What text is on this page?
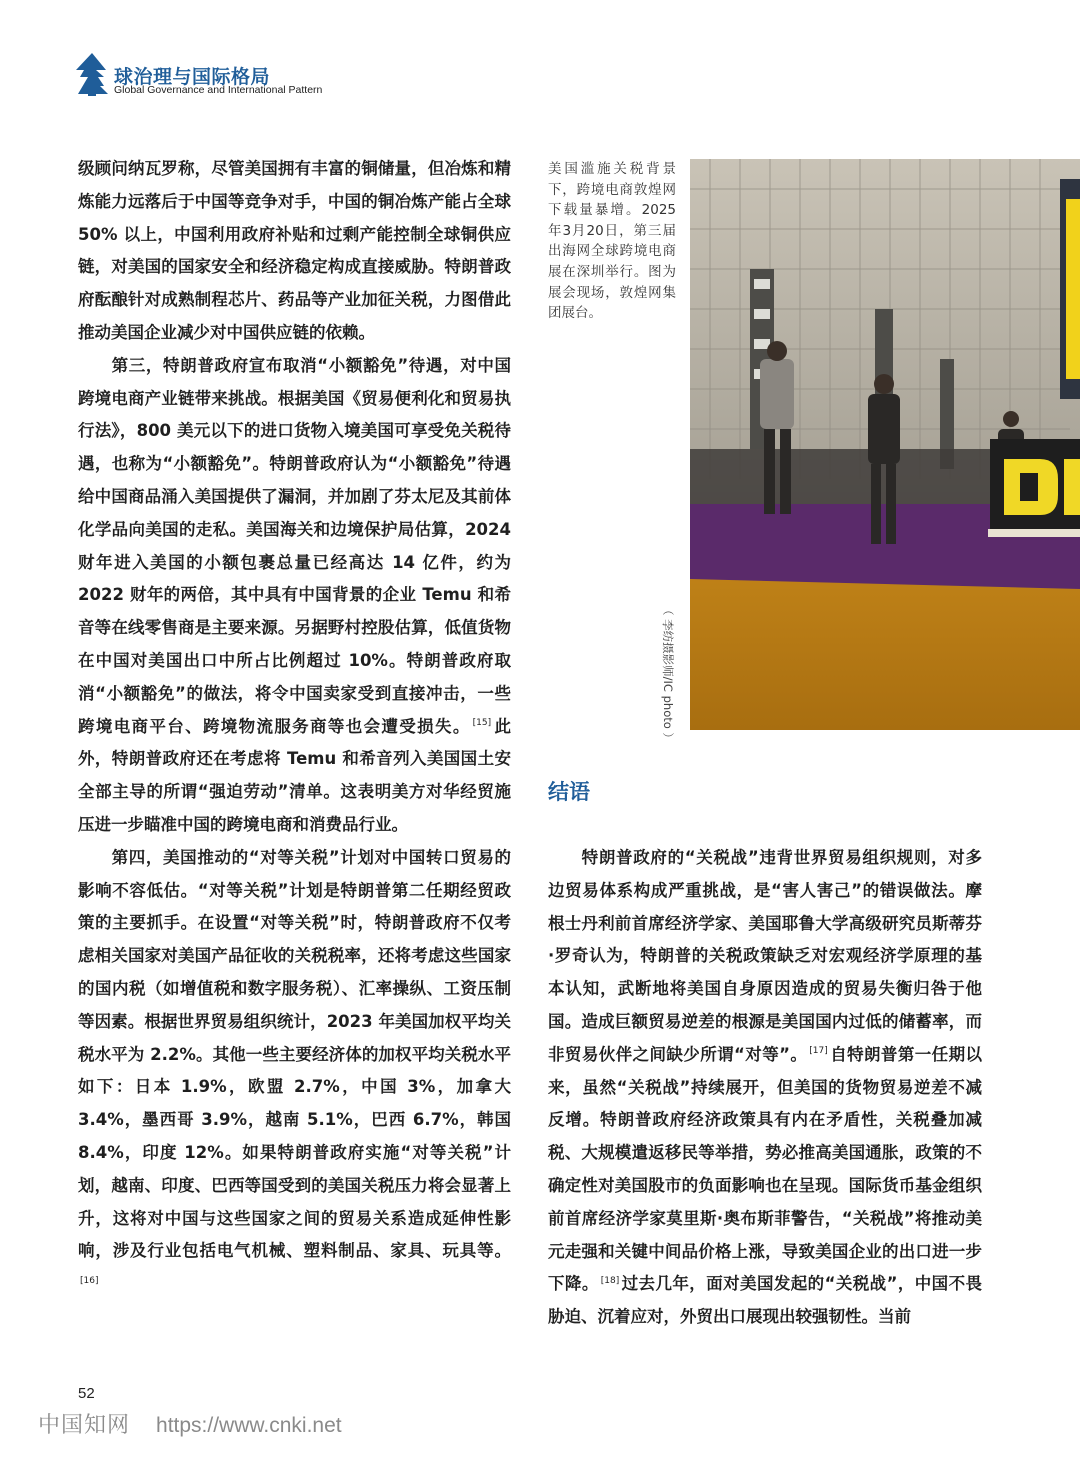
球治理与国际格局
Global Governance and International Pattern

级顾问纳瓦罗称，尽管美国拥有丰富的铜储量，但冶炼和精炼能力远落后于中国等竞争对手，中国的铜冶炼产能占全球 50% 以上，中国利用政府补贴和过剩产能控制全球铜供应链，对美国的国家安全和经济稳定构成直接威胁。特朗普政府酝酿针对成熟制程芯片、药品等产业加征关税，力图借此推动美国企业减少对中国供应链的依赖。

第三，特朗普政府宣布取消“小额豁免”待遇，对中国跨境电商产业链带来挑战。根据美国《贸易便利化和贸易执行法》，800 美元以下的进口货物入境美国可享受免关税待遇，也称为“小额豁免”。特朗普政府认为“小额豁免”待遇给中国商品涌入美国提供了漏洞，并加剧了芬太尼及其前体化学品向美国的走私。美国海关和边境保护局估算，2024 财年进入美国的小额包裹总量已经高达 14 亿件，约为 2022 财年的两倍，其中具有中国背景的企业 Temu 和希音等在线零售商是主要来源。另据野村控股估算，低值货物在中国对美国出口中所占比例超过 10%。特朗普政府取消“小额豁免”的做法，将令中国卖家受到直接冲击，一些跨境电商平台、跨境物流服务商等也会遭受损失。 [15] 此外，特朗普政府还在考虑将 Temu 和希音列入美国国土安全部主导的所谓“强迫劳动”清单。这表明美方对华经贸施压进一步瞄准中国的跨境电商和消费品行业。

第四，美国推动的“对等关税”计划对中国转口贸易的影响不容低估。“对等关税”计划是特朗普第二任期经贸政策的主要抓手。在设置“对等关税”时，特朗普政府不仅考虑相关国家对美国产品征收的关税税率，还将考虑这些国家的国内税（如增值税和数字服务税）、汇率操纵、工资压制等因素。根据世界贸易组织统计，2023 年美国加权平均关税水平为 2.2%。其他一些主要经济体的加权平均关税水平如下：日本 1.9%，欧盟 2.7%，中国 3%，加拿大 3.4%，墨西哥 3.9%，越南 5.1%，巴西 6.7%，韩国 8.4%，印度 12%。如果特朗普政府实施“对等关税”计划，越南、印度、巴西等国受到的美国关税压力将会显著上升，这将对中国与这些国家之间的贸易关系造成延伸性影响，涉及行业包括电气机械、塑料制品、家具、玩具等。[16]

美国滥施关税背景下，跨境电商敦煌网下载量暴增。2025年3月20日，第三届出海网全球跨境电商展在深圳举行。图为展会现场，敦煌网集团展台。
（ 李纺摄影师/IC photo ）
结语

特朗普政府的“关税战”违背世界贸易组织规则，对多边贸易体系构成严重挑战，是“害人害己”的错误做法。摩根士丹利前首席经济学家、美国耶鲁大学高级研究员斯蒂芬·罗奇认为，特朗普的关税政策缺乏对宏观经济学原理的基本认知，武断地将美国自身原因造成的贸易失衡归咎于他国。造成巨额贸易逆差的根源是美国国内过低的储蓄率，而非贸易伙伴之间缺少所谓“对等”。 [17] 自特朗普第一任期以来，虽然“关税战”持续展开，但美国的货物贸易逆差不减反增。特朗普政府经济政策具有内在矛盾性，关税叠加减税、大规模遣返移民等举措，势必推高美国通胀，政策的不确定性对美国股市的负面影响也在呈现。国际货币基金组织前首席经济学家莫里斯·奥布斯菲警告，“关税战”将推动美元走强和关键中间品价格上涨，导致美国企业的出口进一步下降。 [18] 过去几年，面对美国发起的“关税战”，中国不畏胁迫、沉着应对，外贸出口展现出较强韧性。当前

52
中国知网 https://www.cnki.net
